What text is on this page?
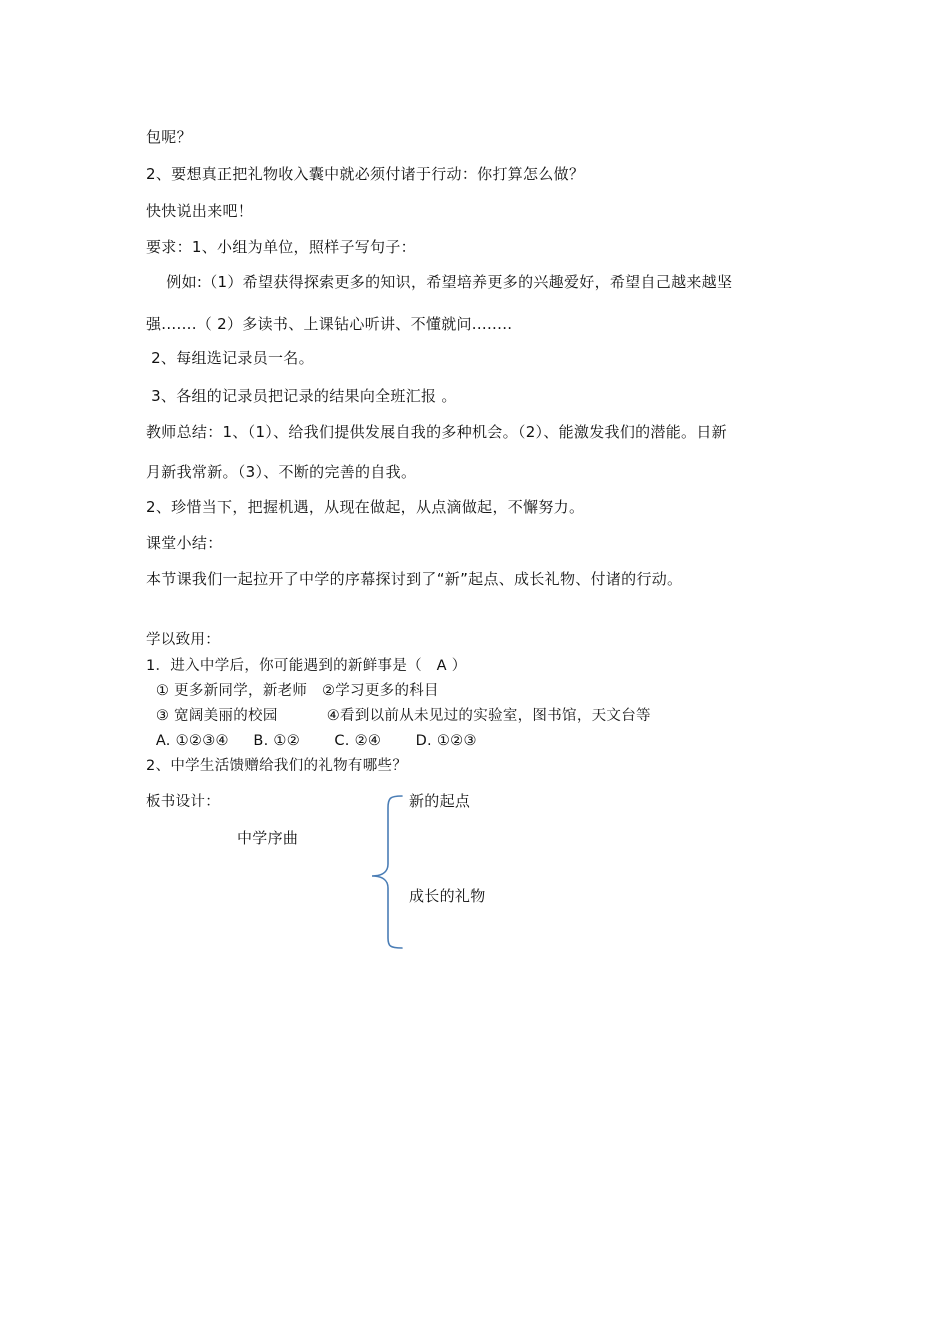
包呢？
2、要想真正把礼物收入囊中就必须付诸于行动：你打算怎么做？
快快说出来吧！
要求：1、小组为单位，照样子写句子：
例如:（1）希望获得探索更多的知识，希望培养更多的兴趣爱好，希望自己越来越坚
强.......（ 2）多读书、上课钻心听讲、不懂就问........
2、每组选记录员一名。
3、各组的记录员把记录的结果向全班汇报 。
教师总结：1、（1）、给我们提供发展自我的多种机会。（2）、能激发我们的潜能。日新
月新我常新。（3）、不断的完善的自我。
2、珍惜当下，把握机遇，从现在做起，从点滴做起，不懈努力。
课堂小结：
本节课我们一起拉开了中学的序幕探讨到了“新”起点、成长礼物、付诸的行动。
学以致用：
1．进入中学后，你可能遇到的新鲜事是（   A ）
① 更多新同学，新老师   ②学习更多的科目
③ 宽阔美丽的校园          ④看到以前从未见过的实验室，图书馆，天文台等
A. ①②③④     B. ①②       C. ②④       D. ①②③
2、中学生活馈赠给我们的礼物有哪些？
板书设计：
中学序曲
新的起点
成长的礼物
